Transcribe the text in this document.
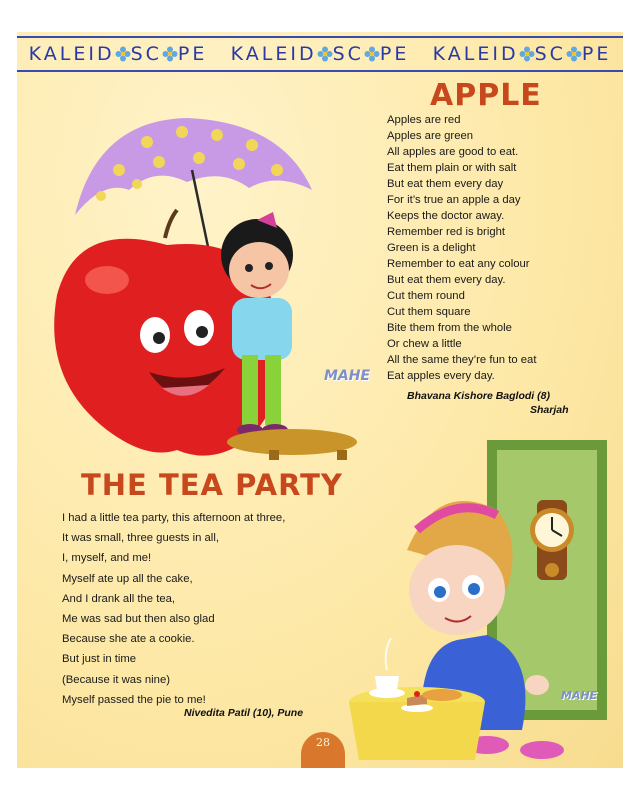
KALEID SC PE KALEID SC PE KALEID SC PE
MAHE
APPLE
Apples are red
Apples are green
All apples are good to eat.
Eat them plain or with salt
But eat them every day
For it’s true an apple a day
Keeps the doctor away.
Remember red is bright
Green is a delight
Remember to eat any colour
But eat them every day.
Cut them round
Cut them square
Bite them from the whole
Or chew a little
All the same they’re fun to eat
Eat apples every day.
Bhavana Kishore Baglodi (8)
Sharjah
THE TEA PARTY
I had a little tea party, this afternoon at three,
It was small, three guests in all,
I, myself, and me!
Myself ate up all the cake,
And I drank all the tea,
Me was sad but then also glad
Because she ate a cookie.
But just in time
(Because it was nine)
Myself passed the pie to me!
Nivedita Patil (10), Pune
MAHE
28
